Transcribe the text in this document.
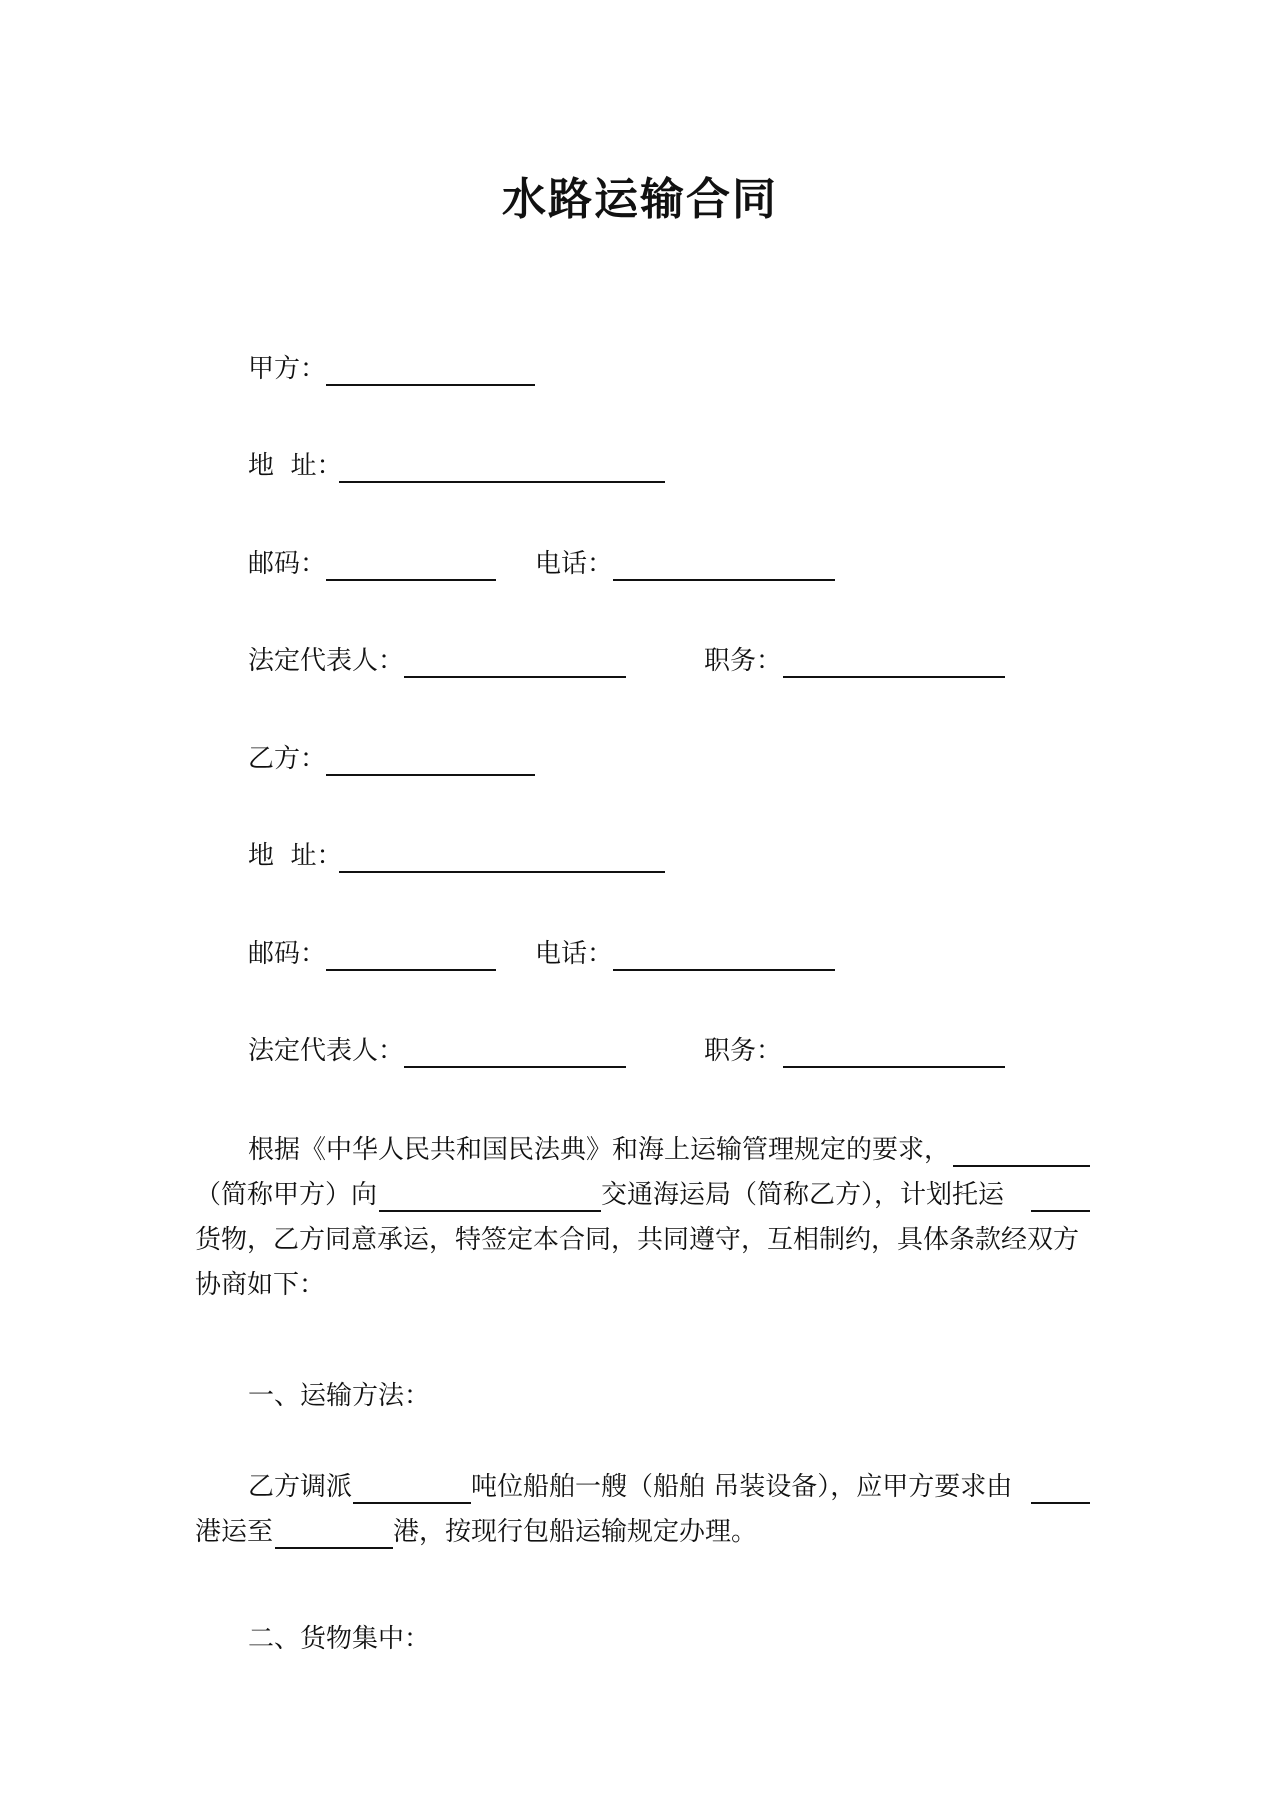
水路运输合同
甲方：
地  址：
邮码：	电话：
法定代表人：	职务：
乙方：
地  址：
邮码：	电话：
法定代表人：	职务：
根据《中华人民共和国民法典》和海上运输管理规定的要求，
（简称甲方）向	交通海运局（简称乙方），计划托运
货物，乙方同意承运，特签定本合同，共同遵守，互相制约，具体条款经双方
协商如下：
一、运输方法：
乙方调派	吨位船舶一艘（船舶 吊装设备），应甲方要求由
港运至	港，按现行包船运输规定办理。
二、货物集中：
